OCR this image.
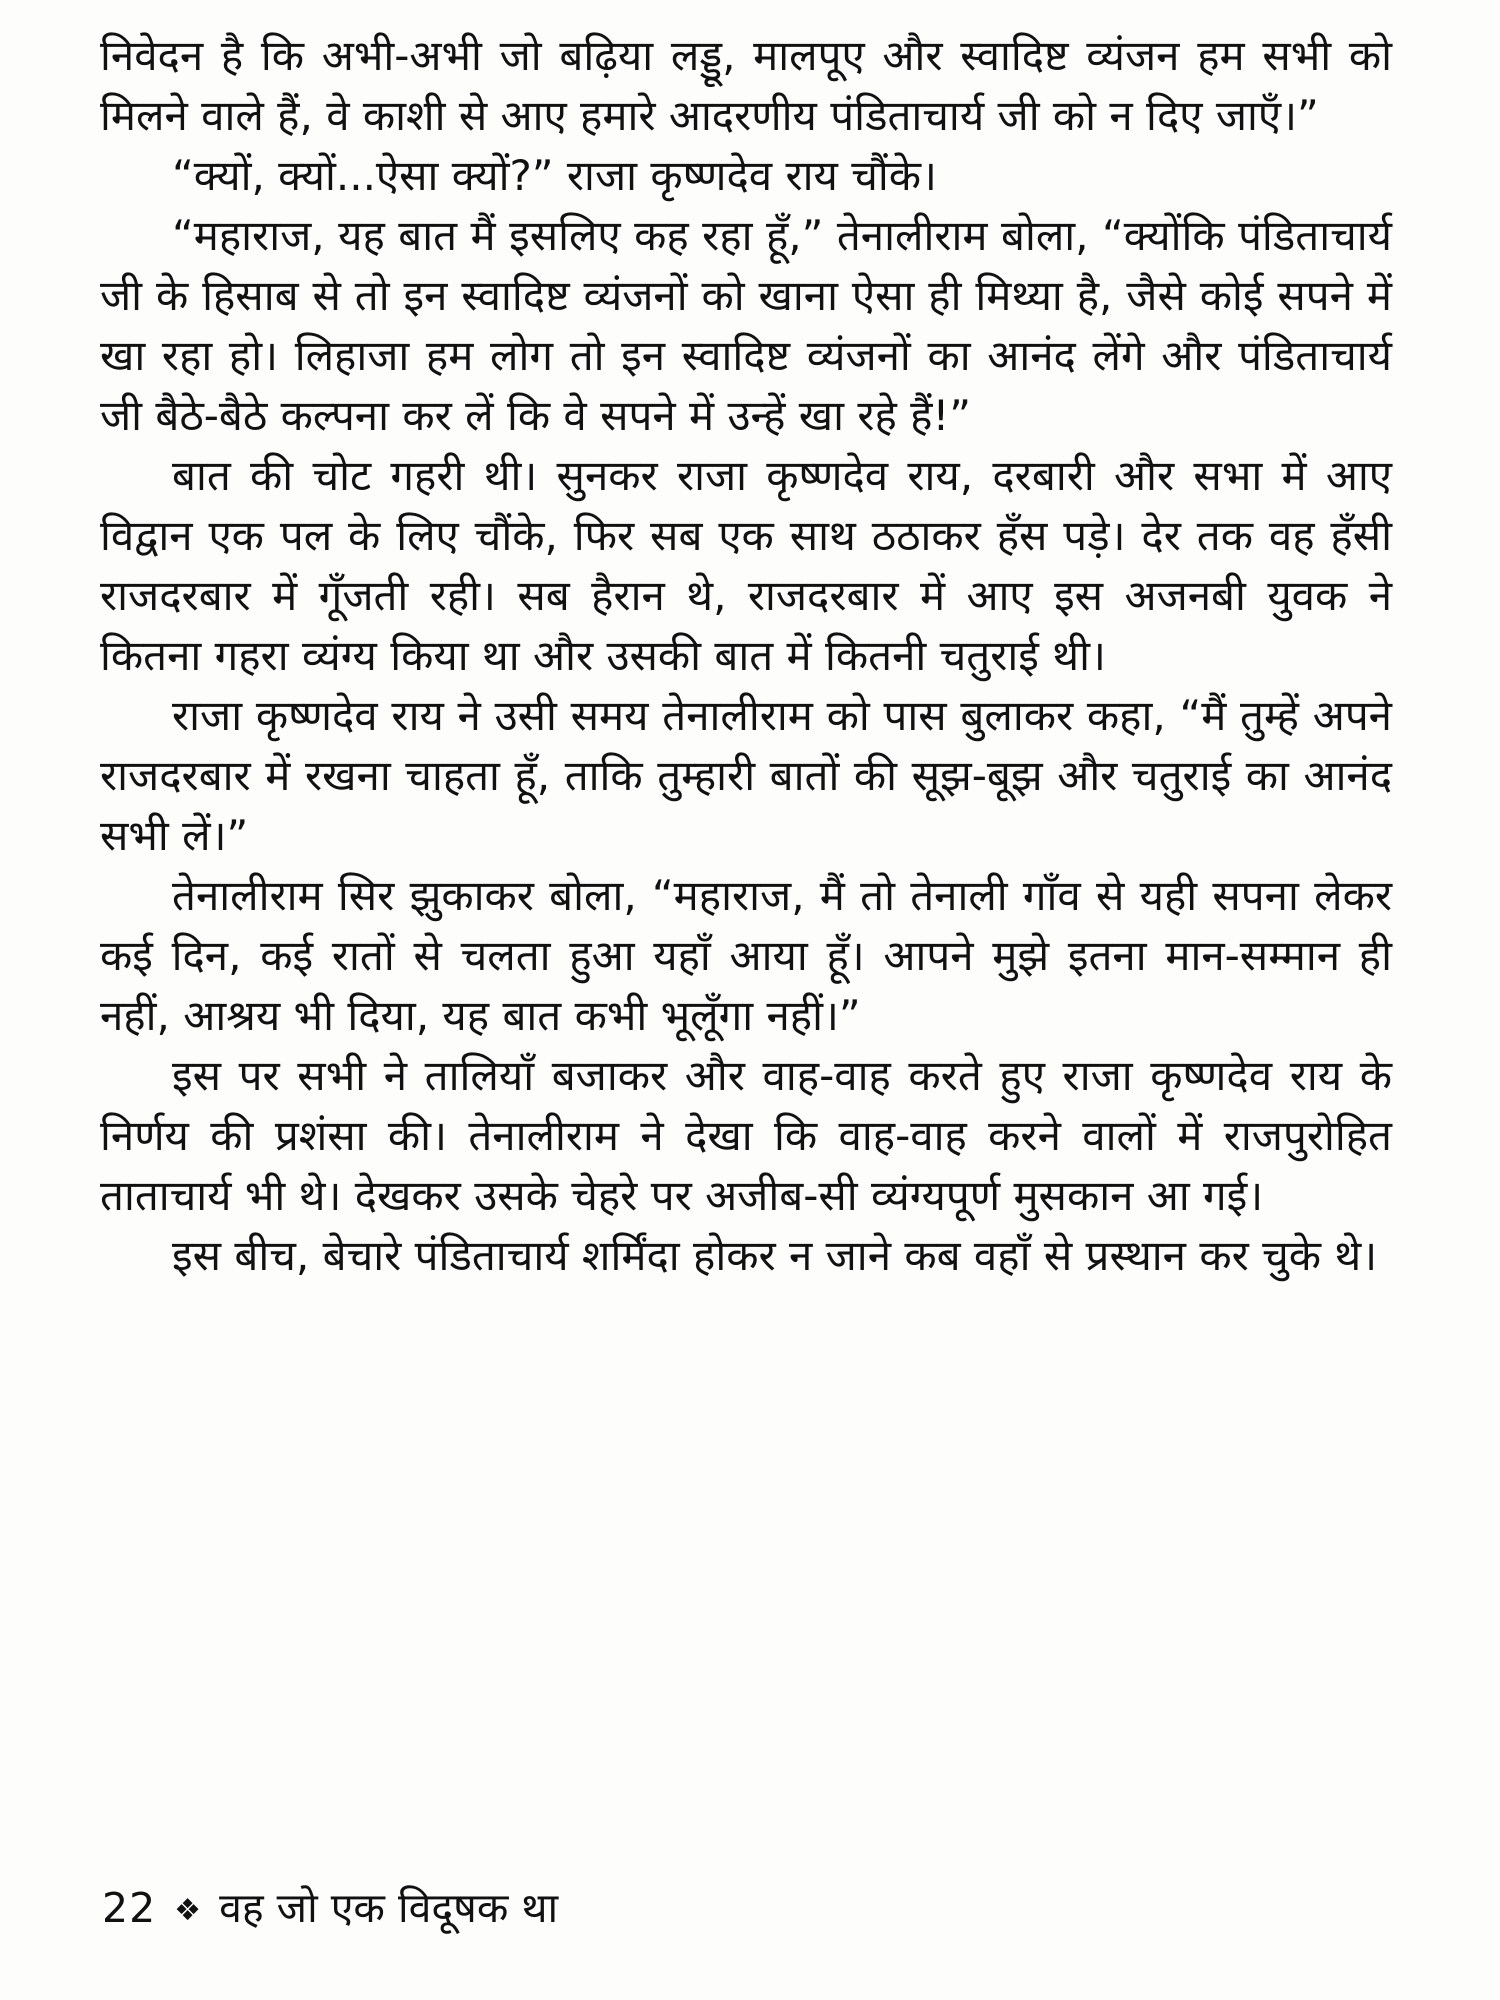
निवेदन है कि अभी-अभी जो बढ़िया लड्डू, मालपूए और स्वादिष्ट व्यंजन हम सभी को मिलने वाले हैं, वे काशी से आए हमारे आदरणीय पंडिताचार्य जी को न दिए जाएँ।”

“क्यों, क्यों...ऐसा क्यों?” राजा कृष्णदेव राय चौंके।

“महाराज, यह बात मैं इसलिए कह रहा हूँ,” तेनालीराम बोला, “क्योंकि पंडिताचार्य जी के हिसाब से तो इन स्वादिष्ट व्यंजनों को खाना ऐसा ही मिथ्या है, जैसे कोई सपने में खा रहा हो। लिहाजा हम लोग तो इन स्वादिष्ट व्यंजनों का आनंद लेंगे और पंडिताचार्य जी बैठे-बैठे कल्पना कर लें कि वे सपने में उन्हें खा रहे हैं!”

बात की चोट गहरी थी। सुनकर राजा कृष्णदेव राय, दरबारी और सभा में आए विद्वान एक पल के लिए चौंके, फिर सब एक साथ ठठाकर हँस पड़े। देर तक वह हँसी राजदरबार में गूँजती रही। सब हैरान थे, राजदरबार में आए इस अजनबी युवक ने कितना गहरा व्यंग्य किया था और उसकी बात में कितनी चतुराई थी।

राजा कृष्णदेव राय ने उसी समय तेनालीराम को पास बुलाकर कहा, “मैं तुम्हें अपने राजदरबार में रखना चाहता हूँ, ताकि तुम्हारी बातों की सूझ-बूझ और चतुराई का आनंद सभी लें।”

तेनालीराम सिर झुकाकर बोला, “महाराज, मैं तो तेनाली गाँव से यही सपना लेकर कई दिन, कई रातों से चलता हुआ यहाँ आया हूँ। आपने मुझे इतना मान-सम्मान ही नहीं, आश्रय भी दिया, यह बात कभी भूलूँगा नहीं।”

इस पर सभी ने तालियाँ बजाकर और वाह-वाह करते हुए राजा कृष्णदेव राय के निर्णय की प्रशंसा की। तेनालीराम ने देखा कि वाह-वाह करने वालों में राजपुरोहित ताताचार्य भी थे। देखकर उसके चेहरे पर अजीब-सी व्यंग्यपूर्ण मुसकान आ गई।

इस बीच, बेचारे पंडिताचार्य शर्मिंदा होकर न जाने कब वहाँ से प्रस्थान कर चुके थे।

22 ❖ वह जो एक विदूषक था
